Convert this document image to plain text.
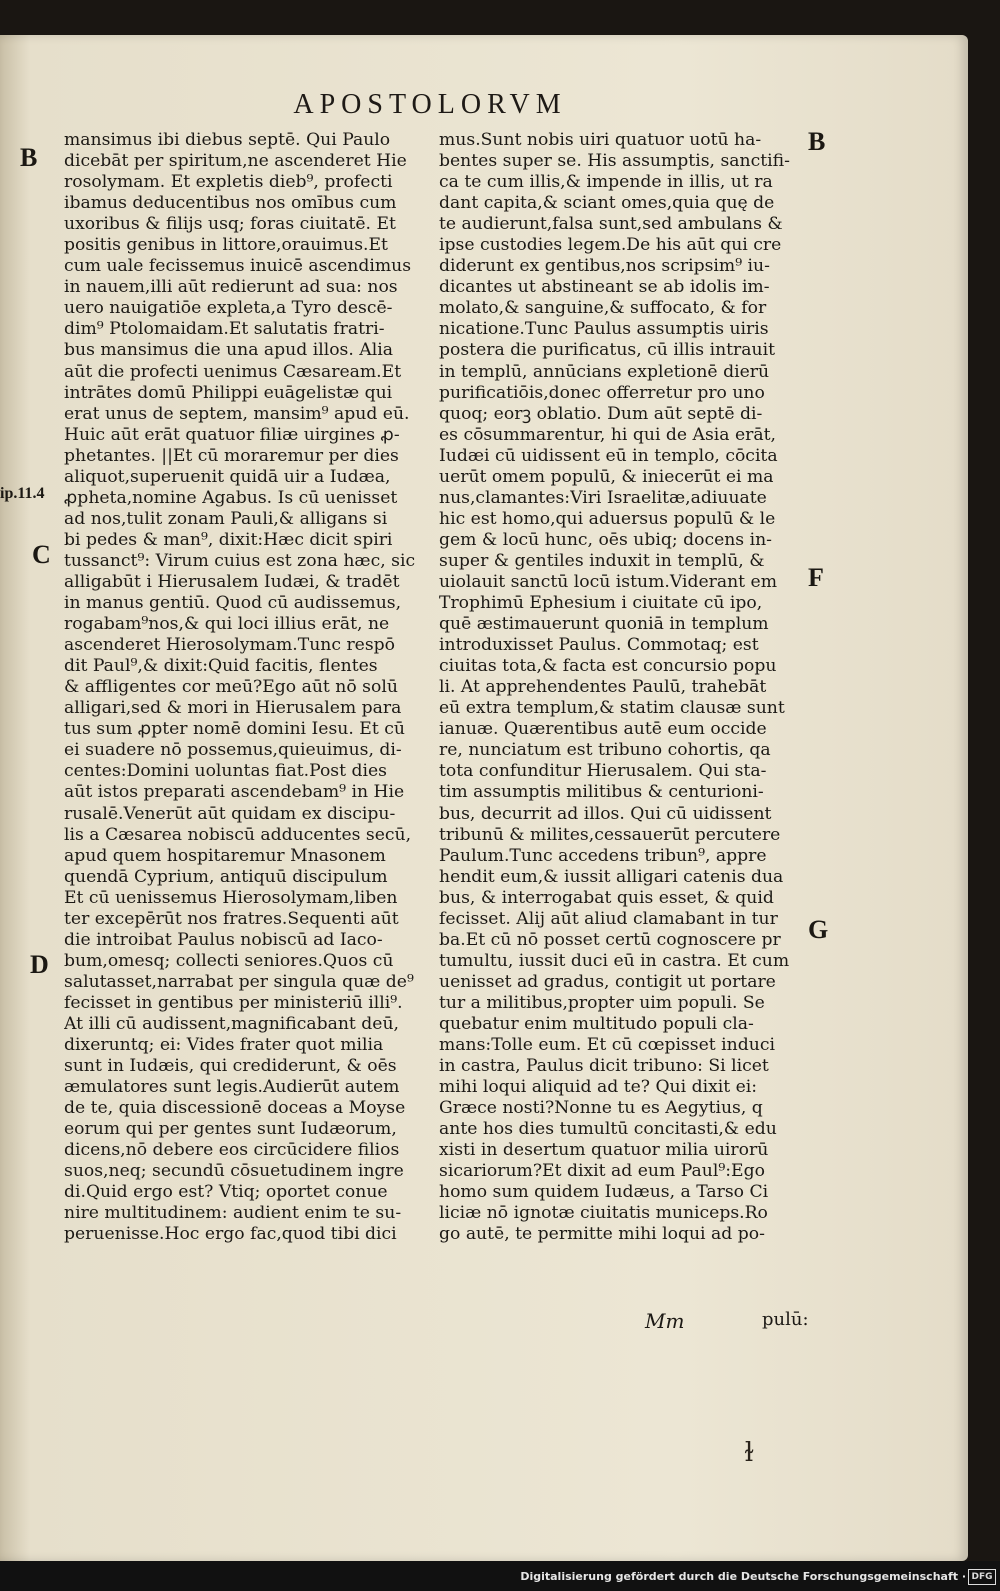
APOSTOLORVM
B
ip.11.4
C
D
B
F
G
mansimus ibi diebus septē. Qui Paulo
dicebāt per spiritum,ne ascenderet Hie
rosolymam. Et expletis dieb⁹, profecti
ibamus deducentibus nos omībus cum
uxoribus & filijs usq; foras ciuitatē. Et
positis genibus in littore,orauimus.Et
cum uale fecissemus inuicē ascendimus
in nauem,illi aūt redierunt ad sua: nos
uero nauigatiōe expleta,a Tyro descē-
dim⁹ Ptolomaidam.Et salutatis fratri-
bus mansimus die una apud illos. Alia
aūt die profecti uenimus Cæsaream.Et
intrātes domū Philippi euāgelistæ qui
erat unus de septem, mansim⁹ apud eū.
Huic aūt erāt quatuor filiæ uirgines ꝓ-
phetantes. ||Et cū moraremur per dies
aliquot,superuenit quidā uir a Iudæa,
ꝓpheta,nomine Agabus. Is cū uenisset
ad nos,tulit zonam Pauli,& alligans si
bi pedes & man⁹, dixit:Hæc dicit spiri
tussanct⁹: Virum cuius est zona hæc, sic
alligabūt i Hierusalem Iudæi, & tradēt
in manus gentiū. Quod cū audissemus,
rogabam⁹nos,& qui loci illius erāt, ne
ascenderet Hierosolymam.Tunc respō
dit Paul⁹,& dixit:Quid facitis, flentes
& affligentes cor meū?Ego aūt nō solū
alligari,sed & mori in Hierusalem para
tus sum ꝓpter nomē domini Iesu. Et cū
ei suadere nō possemus,quieuimus, di-
centes:Domini uoluntas fiat.Post dies
aūt istos preparati ascendebam⁹ in Hie
rusalē.Venerūt aūt quidam ex discipu-
lis a Cæsarea nobiscū adducentes secū,
apud quem hospitaremur Mnasonem
quendā Cyprium, antiquū discipulum
Et cū uenissemus Hierosolymam,liben
ter excepērūt nos fratres.Sequenti aūt
die introibat Paulus nobiscū ad Iaco-
bum,omesq; collecti seniores.Quos cū
salutasset,narrabat per singula quæ de⁹
fecisset in gentibus per ministeriū illi⁹.
At illi cū audissent,magnificabant deū,
dixeruntq; ei: Vides frater quot milia
sunt in Iudæis, qui crediderunt, & oēs
æmulatores sunt legis.Audierūt autem
de te, quia discessionē doceas a Moyse
eorum qui per gentes sunt Iudæorum,
dicens,nō debere eos circūcidere filios
suos,neq; secundū cōsuetudinem ingre
di.Quid ergo est? Vtiq; oportet conue
nire multitudinem: audient enim te su-
peruenisse.Hoc ergo fac,quod tibi dici
mus.Sunt nobis uiri quatuor uotū ha-
bentes super se. His assumptis, sanctifi-
ca te cum illis,& impende in illis, ut ra
dant capita,& sciant omes,quia quę de
te audierunt,falsa sunt,sed ambulans &
ipse custodies legem.De his aūt qui cre
diderunt ex gentibus,nos scripsim⁹ iu-
dicantes ut abstineant se ab idolis im-
molato,& sanguine,& suffocato, & for
nicatione.Tunc Paulus assumptis uiris
postera die purificatus, cū illis intrauit
in templū, annūcians expletionē dierū
purificatiōis,donec offerretur pro uno
quoq; eorꝫ oblatio. Dum aūt septē di-
es cōsummarentur, hi qui de Asia erāt,
Iudæi cū uidissent eū in templo, cōcita
uerūt omem populū, & iniecerūt ei ma
nus,clamantes:Viri Israelitæ,adiuuate
hic est homo,qui aduersus populū & le
gem & locū hunc, oēs ubiq; docens in-
super & gentiles induxit in templū, &
uiolauit sanctū locū istum.Viderant em
Trophimū Ephesium i ciuitate cū ipo,
quē æstimauerunt quoniā in templum
introduxisset Paulus. Commotaq; est
ciuitas tota,& facta est concursio popu
li. At apprehendentes Paulū, trahebāt
eū extra templum,& statim clausæ sunt
ianuæ. Quærentibus autē eum occide
re, nunciatum est tribuno cohortis, qa
tota confunditur Hierusalem. Qui sta-
tim assumptis militibus & centurioni-
bus, decurrit ad illos. Qui cū uidissent
tribunū & milites,cessauerūt percutere
Paulum.Tunc accedens tribun⁹, appre
hendit eum,& iussit alligari catenis dua
bus, & interrogabat quis esset, & quid
fecisset. Alij aūt aliud clamabant in tur
ba.Et cū nō posset certū cognoscere pr
tumultu, iussit duci eū in castra. Et cum
uenisset ad gradus, contigit ut portare
tur a militibus,propter uim populi. Se
quebatur enim multitudo populi cla-
mans:Tolle eum. Et cū cœpisset induci
in castra, Paulus dicit tribuno: Si licet
mihi loqui aliquid ad te? Qui dixit ei:
Græce nosti?Nonne tu es Aegytius, q
ante hos dies tumultū concitasti,& edu
xisti in desertum quatuor milia uirorū
sicariorum?Et dixit ad eum Paul⁹:Ego
homo sum quidem Iudæus, a Tarso Ci
liciæ nō ignotæ ciuitatis municeps.Ro
go autē, te permitte mihi loqui ad po-
Mm	pulū:
ɫ
Digitalisierung gefördert durch die Deutsche Forschungsgemeinschaft · DFG
